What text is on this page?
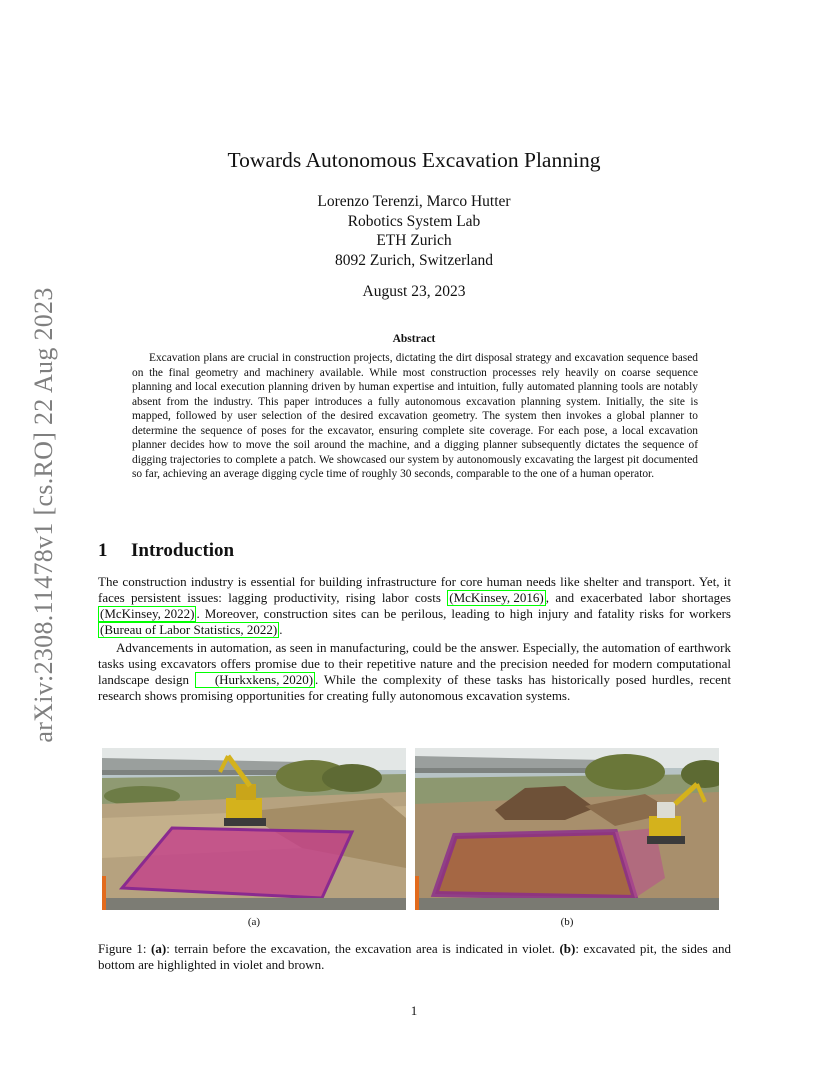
arXiv:2308.11478v1 [cs.RO] 22 Aug 2023
Towards Autonomous Excavation Planning
Lorenzo Terenzi, Marco Hutter
Robotics System Lab
ETH Zurich
8092 Zurich, Switzerland
August 23, 2023
Abstract
Excavation plans are crucial in construction projects, dictating the dirt disposal strategy and excavation sequence based on the final geometry and machinery available. While most construction processes rely heavily on coarse sequence planning and local execution planning driven by human expertise and intuition, fully automated planning tools are notably absent from the industry. This paper introduces a fully autonomous excavation planning system. Initially, the site is mapped, followed by user selection of the desired excavation geometry. The system then invokes a global planner to determine the sequence of poses for the excavator, ensuring complete site coverage. For each pose, a local excavation planner decides how to move the soil around the machine, and a digging planner subsequently dictates the sequence of digging trajectories to complete a patch. We showcased our system by autonomously excavating the largest pit documented so far, achieving an average digging cycle time of roughly 30 seconds, comparable to the one of a human operator.
1 Introduction

The construction industry is essential for building infrastructure for core human needs like shelter and transport. Yet, it faces persistent issues: lagging productivity, rising labor costs (McKinsey, 2016) , and exacerbated labor shortages (McKinsey, 2022) . Moreover, construction sites can be perilous, leading to high injury and fatality risks for workers (Bureau of Labor Statistics, 2022) .

Advancements in automation, as seen in manufacturing, could be the answer. Especially, the automation of earthwork tasks using excavators offers promise due to their repetitive nature and the precision needed for modern computational landscape design (Hurkxkens, 2020) . While the complexity of these tasks has historically posed hurdles, recent research shows promising opportunities for creating fully autonomous excavation systems.

(a)	(b)
Figure 1: (a): terrain before the excavation, the excavation area is indicated in violet. (b): excavated pit, the sides and bottom are highlighted in violet and brown.
1
